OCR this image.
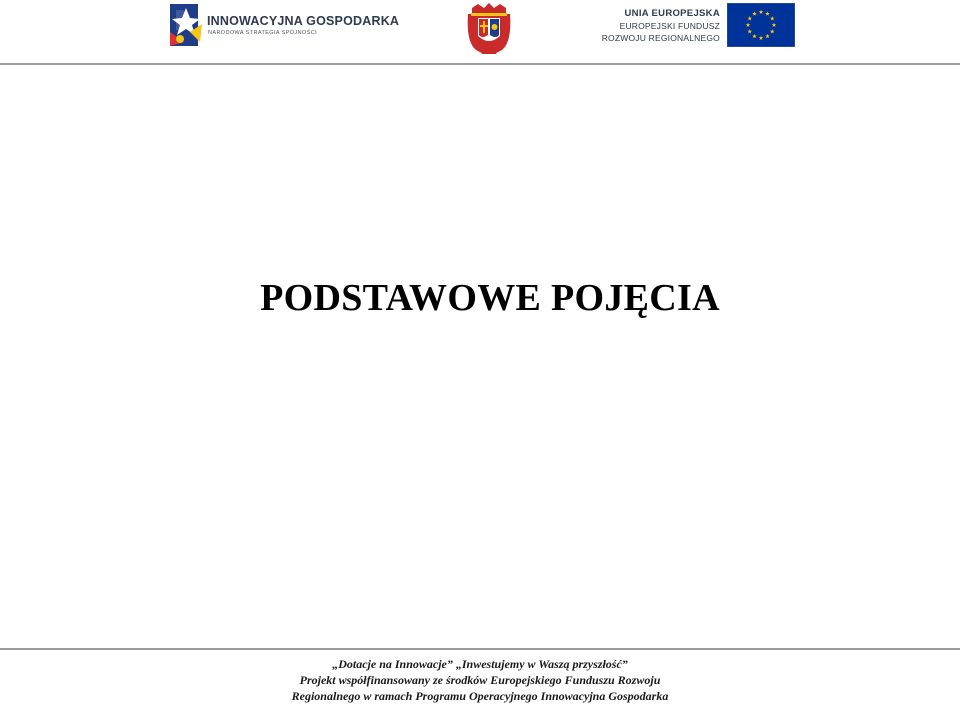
INNOWACYJNA GOSPODARKA
NARODOWA STRATEGIA SPÓJNOŚCI
UNIA EUROPEJSKA
EUROPEJSKI FUNDUSZ
ROZWOJU REGIONALNEGO
PODSTAWOWE POJĘCIA
„Dotacje na Innowacje” „Inwestujemy w Waszą przyszłość”
Projekt współfinansowany ze środków Europejskiego Funduszu Rozwoju
Regionalnego w ramach Programu Operacyjnego Innowacyjna Gospodarka
